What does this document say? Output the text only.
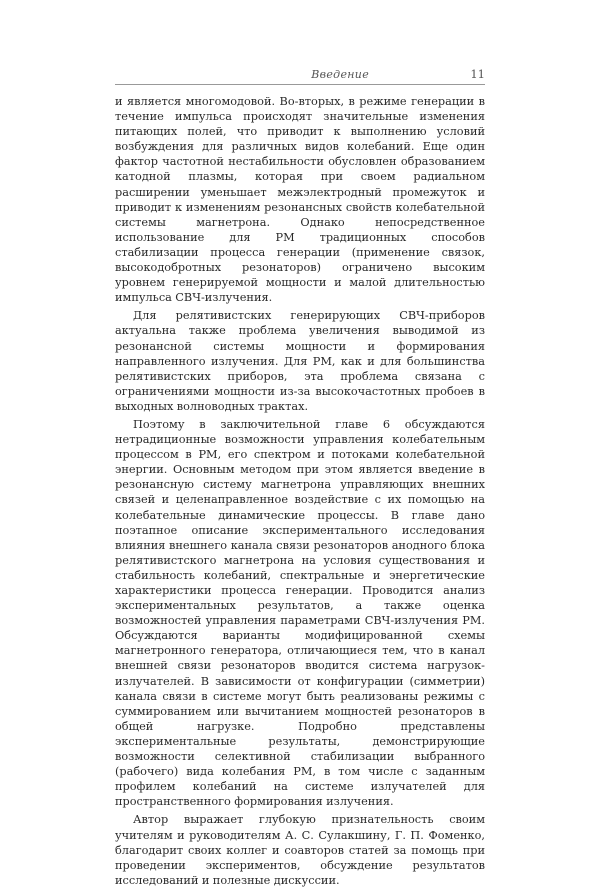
Введение	11

и является многомодовой. Во-вторых, в режиме генерации в течение импульса происходят значительные изменения питающих полей, что приводит к выполнению условий возбуждения для различных видов колебаний. Еще один фактор частотной нестабильности обусловлен образованием катодной плазмы, которая при своем радиальном расширении уменьшает межэлектродный промежуток и приводит к изменениям резонансных свойств колебательной системы магнетрона. Однако непосредственное использование для РМ традиционных способов стабилизации процесса генерации (применение связок, высокодобротных резонаторов) ограничено высоким уровнем генерируемой мощности и малой длительностью импульса СВЧ-излучения.

Для релятивистских генерирующих СВЧ-приборов актуальна также проблема увеличения выводимой из резонансной системы мощности и формирования направленного излучения. Для РМ, как и для большинства релятивистских приборов, эта проблема связана с ограничениями мощности из-за высокочастотных пробоев в выходных волноводных трактах.

Поэтому в заключительной главе 6 обсуждаются нетрадиционные возможности управления колебательным процессом в РМ, его спектром и потоками колебательной энергии. Основным методом при этом является введение в резонансную систему магнетрона управляющих внешних связей и целенаправленное воздействие с их помощью на колебательные динамические процессы. В главе дано поэтапное описание экспериментального исследования влияния внешнего канала связи резонаторов анодного блока релятивистского магнетрона на условия существования и стабильность колебаний, спектральные и энергетические характеристики процесса генерации. Проводится анализ экспериментальных результатов, а также оценка возможностей управления параметрами СВЧ-излучения РМ. Обсуждаются варианты модифицированной схемы магнетронного генератора, отличающиеся тем, что в канал внешней связи резонаторов вводится система нагрузок-излучателей. В зависимости от конфигурации (симметрии) канала связи в системе могут быть реализованы режимы с суммированием или вычитанием мощностей резонаторов в общей нагрузке. Подробно представлены экспериментальные результаты, демонстрирующие возможности селективной стабилизации выбранного (рабочего) вида колебания РМ, в том числе с заданным профилем колебаний на системе излучателей для пространственного формирования излучения.

Автор выражает глубокую признательность своим учителям и руководителям А. С. Сулакшину, Г. П. Фоменко, благодарит своих коллег и соавторов статей за помощь при проведении экспериментов, обсуждение результатов исследований и полезные дискуссии.
